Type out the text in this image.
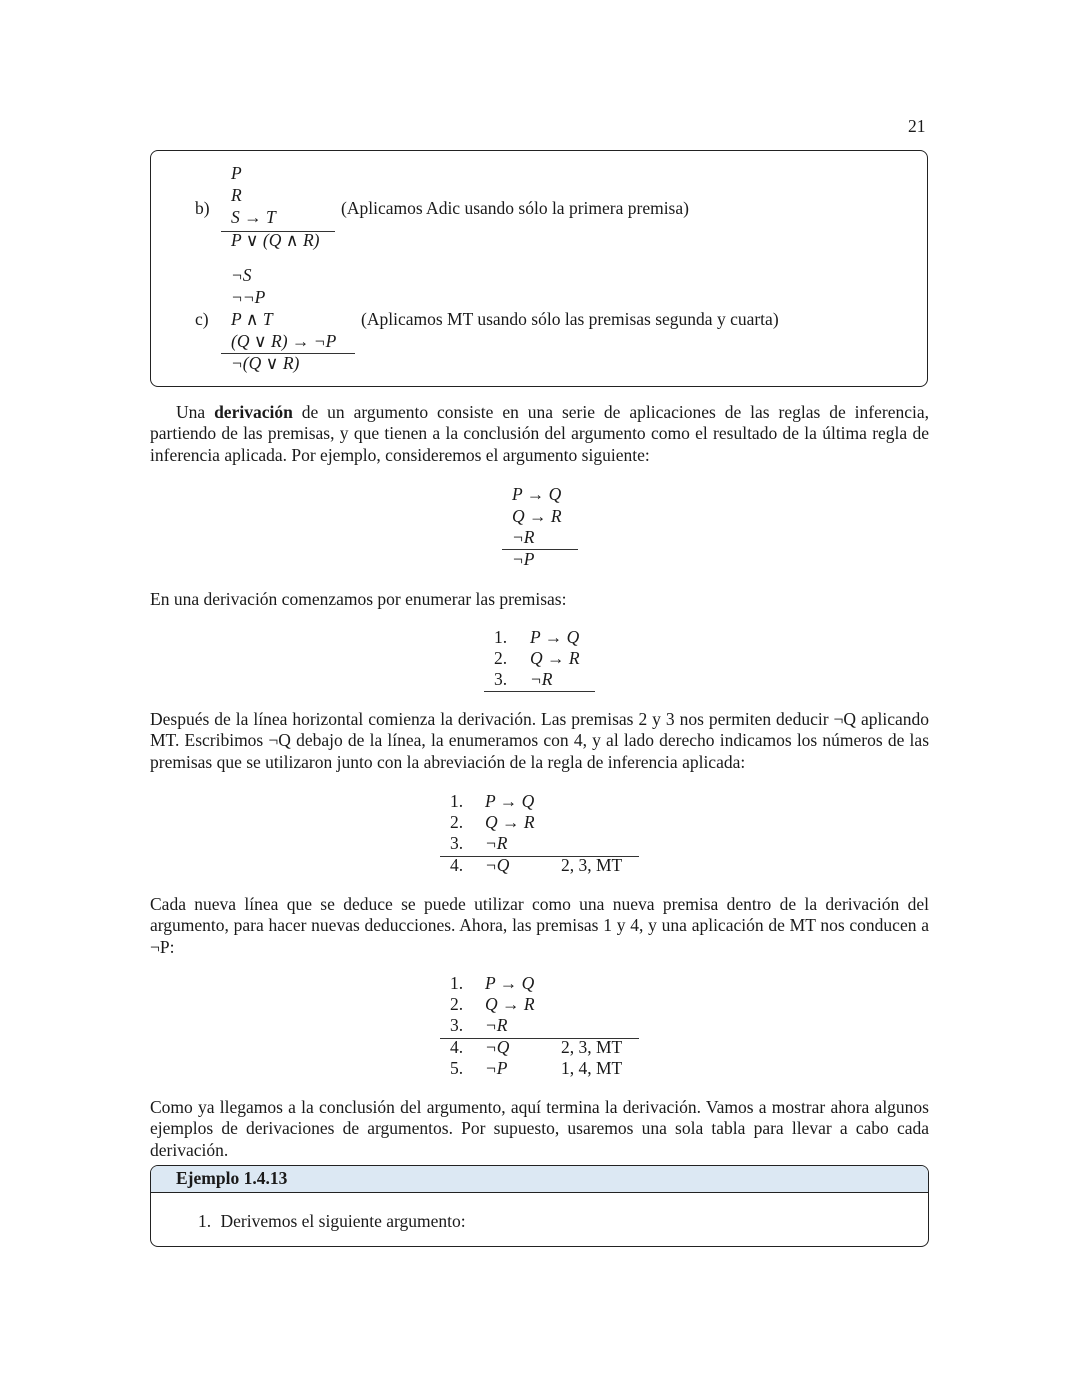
21
b)
P
R
S → T
P ∨ (Q ∧ R)
(Aplicamos Adic usando sólo la primera premisa)
c)
¬S
¬¬P
P ∧ T
(Q ∨ R) → ¬P
¬(Q ∨ R)
(Aplicamos MT usando sólo las premisas segunda y cuarta)
Una derivación de un argumento consiste en una serie de aplicaciones de las reglas de inferencia, partiendo de las premisas, y que tienen a la conclusión del argumento como el resultado de la última regla de inferencia aplicada. Por ejemplo, consideremos el argumento siguiente:
P → Q
Q → R
¬R
¬P
En una derivación comenzamos por enumerar las premisas:
1. P → Q
2. Q → R
3. ¬R
Después de la línea horizontal comienza la derivación. Las premisas 2 y 3 nos permiten deducir ¬Q aplicando MT. Escribimos ¬Q debajo de la línea, la enumeramos con 4, y al lado derecho indicamos los números de las premisas que se utilizaron junto con la abreviación de la regla de inferencia aplicada:
1. P → Q
2. Q → R
3. ¬R
4. ¬Q	2, 3, MT
Cada nueva línea que se deduce se puede utilizar como una nueva premisa dentro de la derivación del argumento, para hacer nuevas deducciones. Ahora, las premisas 1 y 4, y una aplicación de MT nos conducen a ¬P:
1. P → Q
2. Q → R
3. ¬R
4. ¬Q	2, 3, MT
5. ¬P	1, 4, MT
Como ya llegamos a la conclusión del argumento, aquí termina la derivación. Vamos a mostrar ahora algunos ejemplos de derivaciones de argumentos. Por supuesto, usaremos una sola tabla para llevar a cabo cada derivación.
Ejemplo 1.4.13
1. Derivemos el siguiente argumento:
